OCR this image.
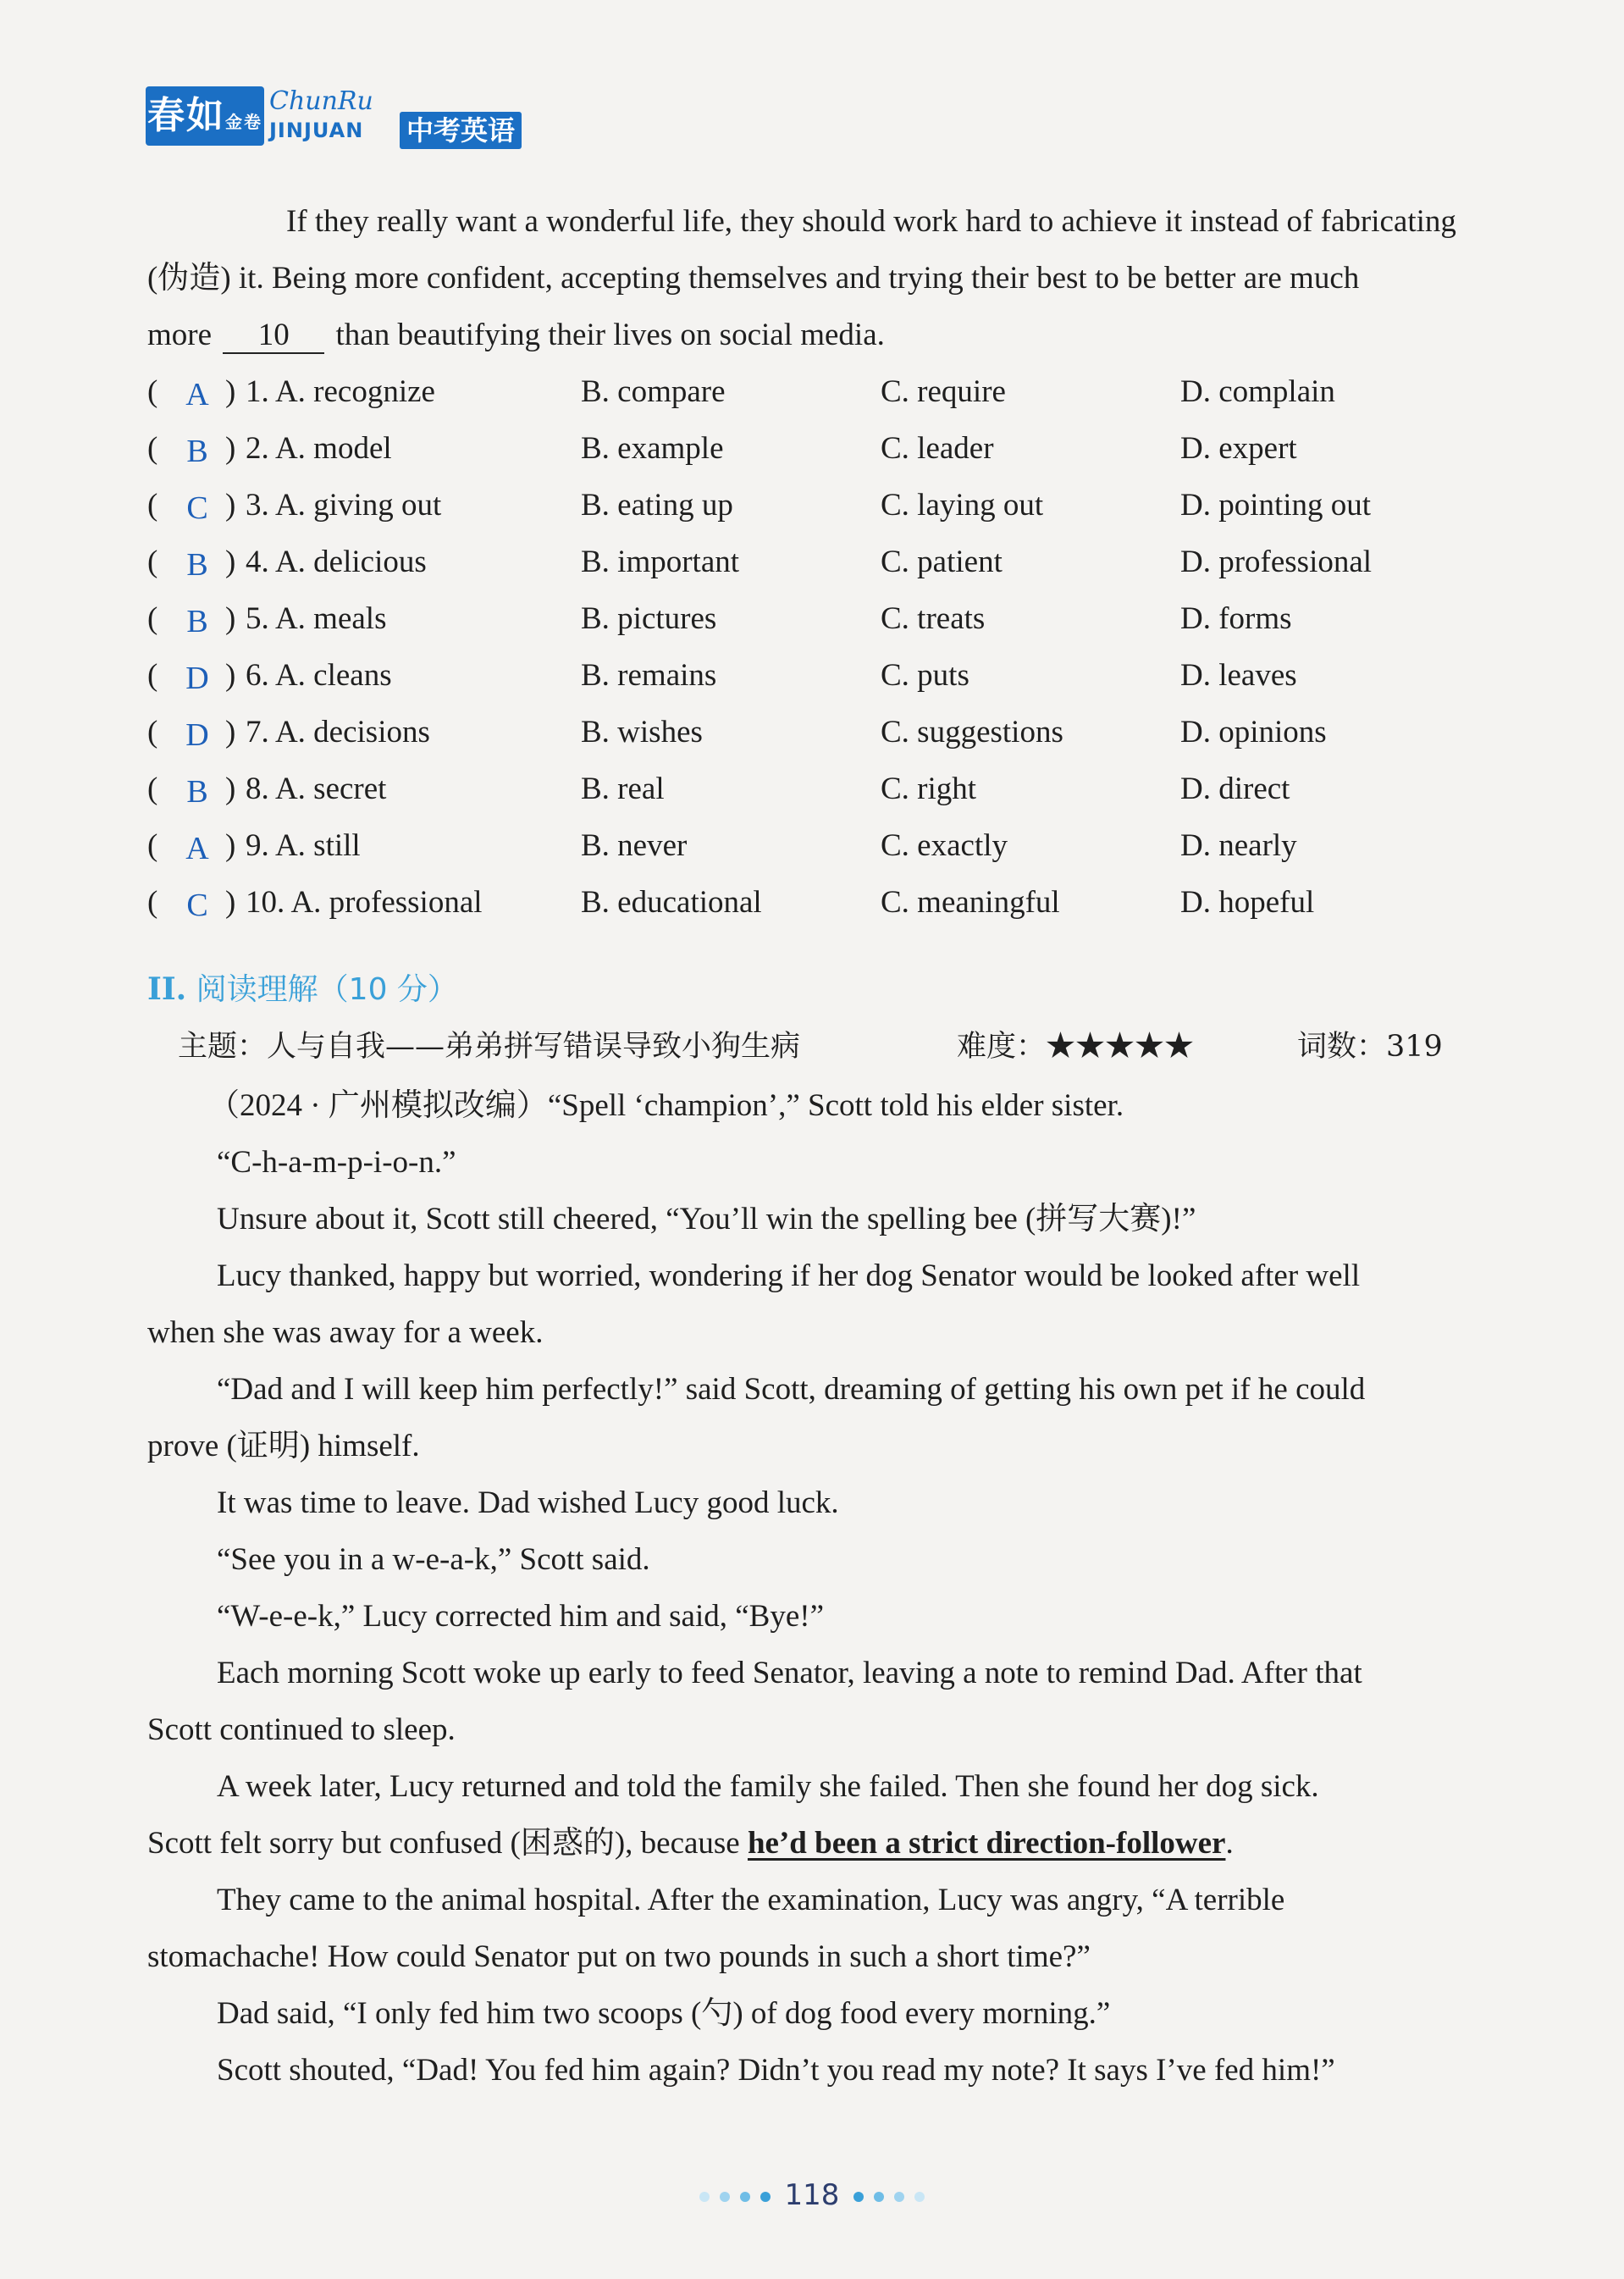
春如金卷
ChunRu
JINJUAN 中考英语
If they really want a wonderful life, they should work hard to achieve it instead of fabricating
(伪造) it. Being more confident, accepting themselves and trying their best to be better are much
more 10 than beautifying their lives on social media.
( A ) 1. A. recognize	B. compare	C. require	D. complain
( B ) 2. A. model	B. example	C. leader	D. expert
( C ) 3. A. giving out	B. eating up	C. laying out	D. pointing out
( B ) 4. A. delicious	B. important	C. patient	D. professional
( B ) 5. A. meals	B. pictures	C. treats	D. forms
( D ) 6. A. cleans	B. remains	C. puts	D. leaves
( D ) 7. A. decisions	B. wishes	C. suggestions	D. opinions
( B ) 8. A. secret	B. real	C. right	D. direct
( A ) 9. A. still	B. never	C. exactly	D. nearly
( C ) 10. A. professional	B. educational	C. meaningful	D. hopeful
II. 阅读理解（10 分）
主题：人与自我——弟弟拼写错误导致小狗生病	难度：★★★★★	词数：319
（2024 · 广州模拟改编）“Spell ‘champion’,” Scott told his elder sister.
“C-h-a-m-p-i-o-n.”
Unsure about it, Scott still cheered, “You’ll win the spelling bee (拼写大赛)!”
Lucy thanked, happy but worried, wondering if her dog Senator would be looked after well
when she was away for a week.
“Dad and I will keep him perfectly!” said Scott, dreaming of getting his own pet if he could
prove (证明) himself.
It was time to leave. Dad wished Lucy good luck.
“See you in a w-e-a-k,” Scott said.
“W-e-e-k,” Lucy corrected him and said, “Bye!”
Each morning Scott woke up early to feed Senator, leaving a note to remind Dad. After that
Scott continued to sleep.
A week later, Lucy returned and told the family she failed. Then she found her dog sick.
Scott felt sorry but confused (困惑的), because he’d been a strict direction-follower.
They came to the animal hospital. After the examination, Lucy was angry, “A terrible
stomachache! How could Senator put on two pounds in such a short time?”
Dad said, “I only fed him two scoops (勺) of dog food every morning.”
Scott shouted, “Dad! You fed him again? Didn’t you read my note? It says I’ve fed him!”
118
